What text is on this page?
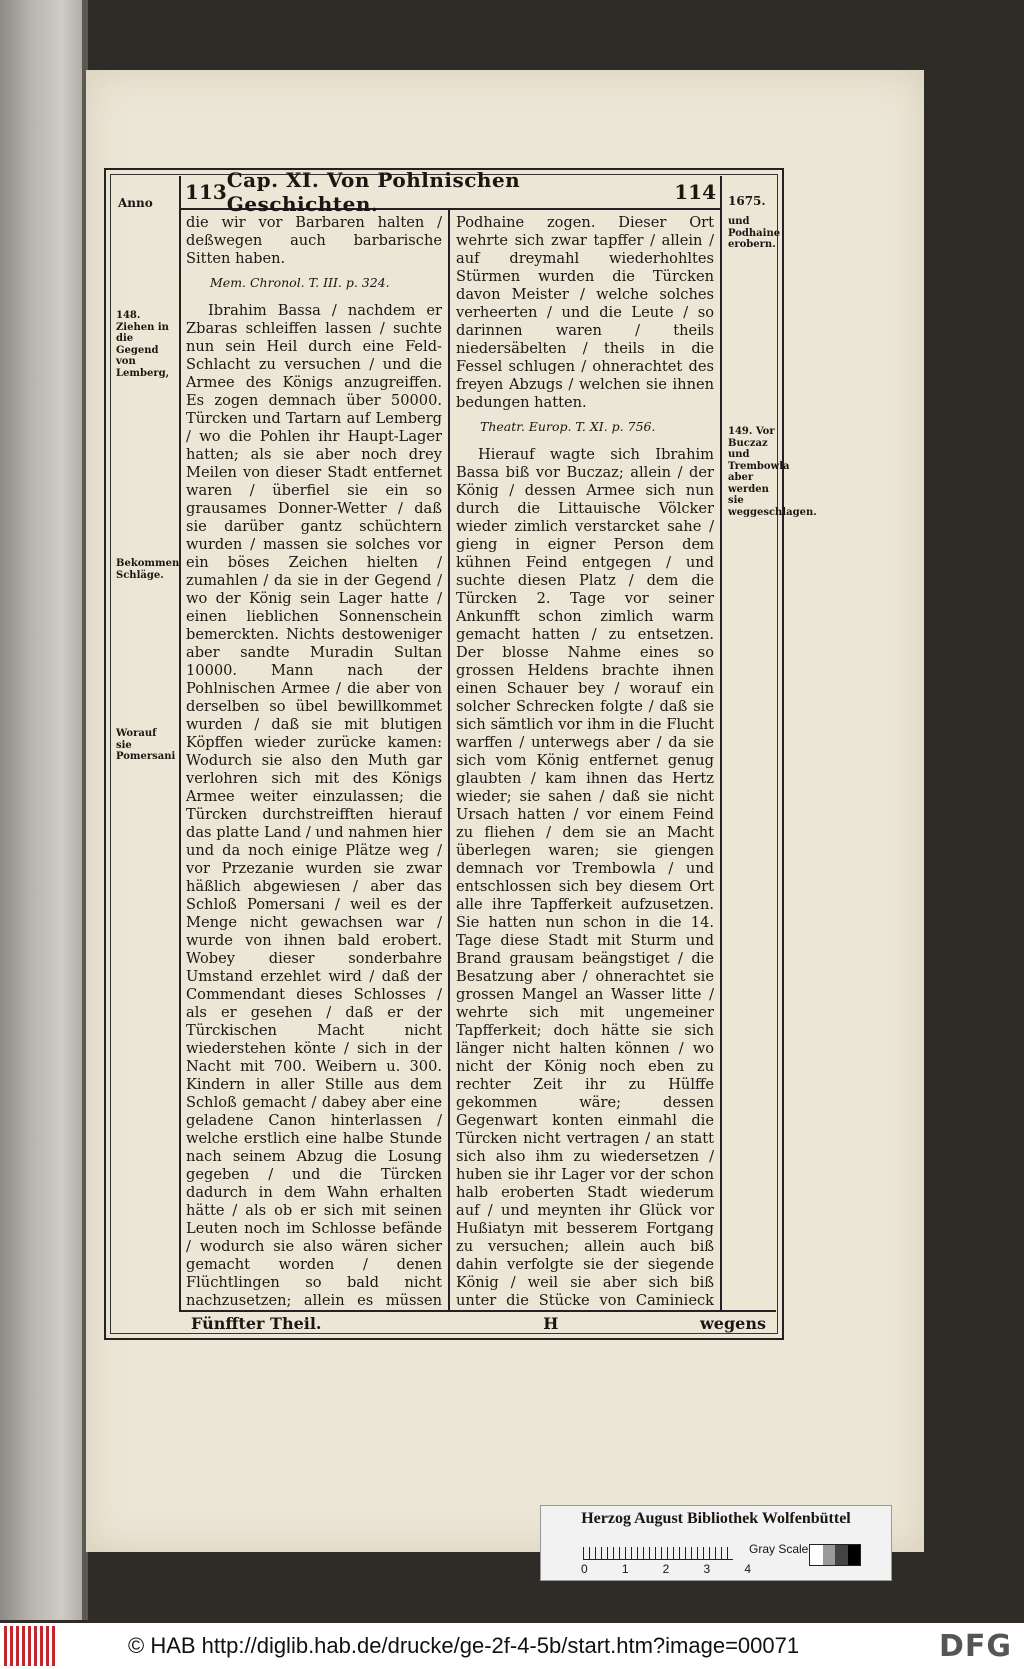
113 Cap. XI. Von Pohlnischen Geschichten.	114
Anno
148. Ziehen in die Gegend von Lemberg,
Bekommen Schläge.
Worauf sie Pomersani
1675.
und Podhaine erobern.
149. Vor Buczaz und Trembowla aber werden sie weggeschlagen.

die wir vor Barbaren halten / deßwegen auch barbarische Sitten haben.

Mem. Chronol. T. III. p. 324.

Ibrahim Bassa / nachdem er Zbaras schleiffen lassen / suchte nun sein Heil durch eine Feld-Schlacht zu versuchen / und die Armee des Königs anzugreiffen. Es zogen demnach über 50000. Türcken und Tartarn auf Lemberg / wo die Pohlen ihr Haupt-Lager hatten; als sie aber noch drey Meilen von dieser Stadt entfernet waren / überfiel sie ein so grausames Donner-Wetter / daß sie darüber gantz schüchtern wurden / massen sie solches vor ein böses Zeichen hielten / zumahlen / da sie in der Gegend / wo der König sein Lager hatte / einen lieblichen Sonnenschein bemerckten. Nichts destoweniger aber sandte Muradin Sultan 10000. Mann nach der Pohlnischen Armee / die aber von derselben so übel bewillkommet wurden / daß sie mit blutigen Köpffen wieder zurücke kamen: Wodurch sie also den Muth gar verlohren sich mit des Königs Armee weiter einzulassen; die Türcken durchstreifften hierauf das platte Land / und nahmen hier und da noch einige Plätze weg / vor Przezanie wurden sie zwar häßlich abgewiesen / aber das Schloß Pomersani / weil es der Menge nicht gewachsen war / wurde von ihnen bald erobert. Wobey dieser sonderbahre Umstand erzehlet wird / daß der Commendant dieses Schlosses / als er gesehen / daß er der Türckischen Macht nicht wiederstehen könte / sich in der Nacht mit 700. Weibern u. 300. Kindern in aller Stille aus dem Schloß gemacht / dabey aber eine geladene Canon hinterlassen / welche erstlich eine halbe Stunde nach seinem Abzug die Losung gegeben / und die Türcken dadurch in dem Wahn erhalten hätte / als ob er sich mit seinen Leuten noch im Schlosse befände / wodurch sie also wären sicher gemacht worden / denen Flüchtlingen so bald nicht nachzusetzen; allein es müssen

Podhaine zogen. Dieser Ort wehrte sich zwar tapffer / allein / auf dreymahl wiederhohltes Stürmen wurden die Türcken davon Meister / welche solches verheerten / und die Leute / so darinnen waren / theils niedersäbelten / theils in die Fessel schlugen / ohnerachtet des freyen Abzugs / welchen sie ihnen bedungen hatten.

Theatr. Europ. T. XI. p. 756.

Hierauf wagte sich Ibrahim Bassa biß vor Buczaz; allein / der König / dessen Armee sich nun durch die Littauische Völcker wieder zimlich verstarcket sahe / gieng in eigner Person dem kühnen Feind entgegen / und suchte diesen Platz / dem die Türcken 2. Tage vor seiner Ankunfft schon zimlich warm gemacht hatten / zu entsetzen. Der blosse Nahme eines so grossen Heldens brachte ihnen einen Schauer bey / worauf ein solcher Schrecken folgte / daß sie sich sämtlich vor ihm in die Flucht warffen / unterwegs aber / da sie sich vom König entfernet genug glaubten / kam ihnen das Hertz wieder; sie sahen / daß sie nicht Ursach hatten / vor einem Feind zu fliehen / dem sie an Macht überlegen waren; sie giengen demnach vor Trembowla / und entschlossen sich bey diesem Ort alle ihre Tapfferkeit aufzusetzen. Sie hatten nun schon in die 14. Tage diese Stadt mit Sturm und Brand grausam beängstiget / die Besatzung aber / ohnerachtet sie grossen Mangel an Wasser litte / wehrte sich mit ungemeiner Tapfferkeit; doch hätte sie sich länger nicht halten können / wo nicht der König noch eben zu rechter Zeit ihr zu Hülffe gekommen wäre; dessen Gegenwart konten einmahl die Türcken nicht vertragen / an statt sich also ihm zu wiedersetzen / huben sie ihr Lager vor der schon halb eroberten Stadt wiederum auf / und meynten ihr Glück vor Hußiatyn mit besserem Fortgang zu versuchen; allein auch biß dahin verfolgte sie der siegende König / weil sie aber sich biß unter die Stücke von Caminieck

Fünffter Theil.	H	wegens
Herzog August Bibliothek Wolfenbüttel
0	1	2	3	4
Gray Scale
© HAB http://diglib.hab.de/drucke/ge-2f-4-5b/start.htm?image=00071	DFG
